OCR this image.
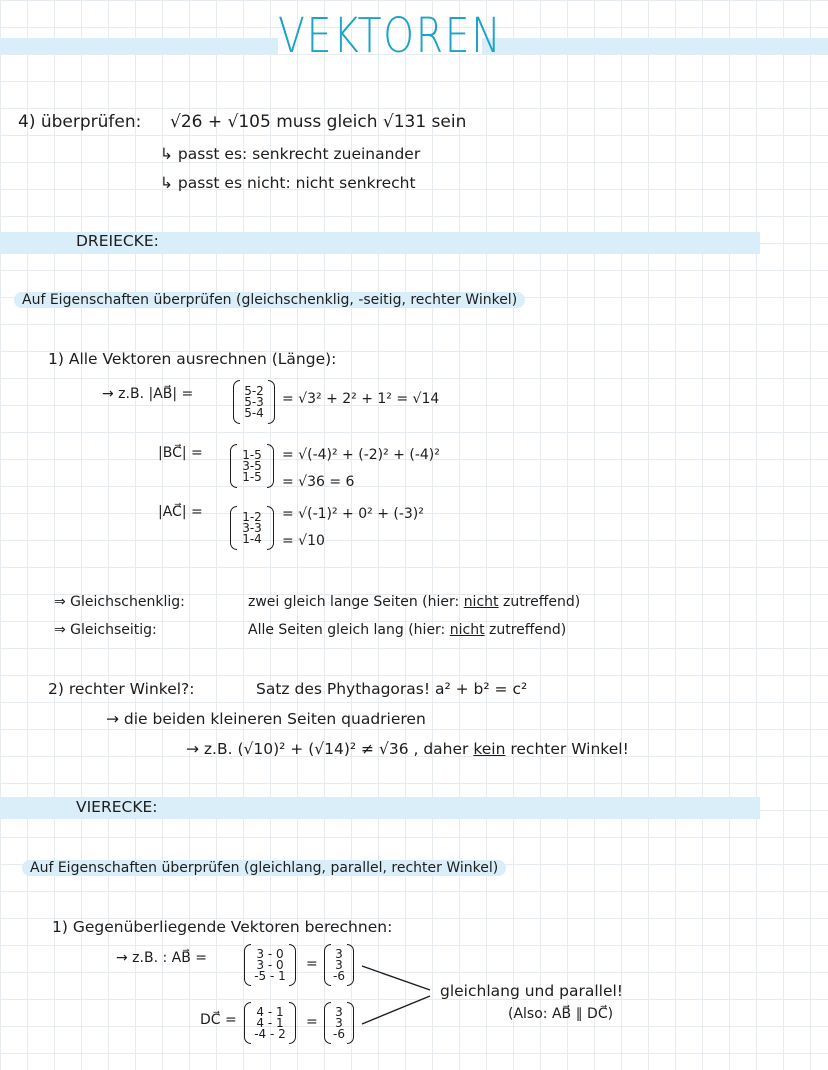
VEKTOREN
4) überprüfen: √26 + √105 muss gleich √131 sein
↳ passt es: senkrecht zueinander
↳ passt es nicht: nicht senkrecht
DREIECKE:
Auf Eigenschaften überprüfen (gleichschenklig, -seitig, rechter Winkel)
1) Alle Vektoren ausrechnen (Länge):
→ z.B. |AB⃗| =	5-2
5-3
5-4
= √3² + 2² + 1² = √14
|BC⃗| =	1-5
3-5
1-5
= √(-4)² + (-2)² + (-4)²
= √36 = 6
|AC⃗| =	1-2
3-3
1-4
= √(-1)² + 0² + (-3)²
= √10
⇒ Gleichschenklig:	zwei gleich lange Seiten (hier: nicht zutreffend)
⇒ Gleichseitig:	Alle Seiten gleich lang (hier: nicht zutreffend)
2) rechter Winkel?:	Satz des Phythagoras! a² + b² = c²
→ die beiden kleineren Seiten quadrieren
→ z.B. (√10)² + (√14)² ≠ √36 , daher kein rechter Winkel!
VIERECKE:
Auf Eigenschaften überprüfen (gleichlang, parallel, rechter Winkel)
1) Gegenüberliegende Vektoren berechnen:
→ z.B. : AB⃗ =	3 - 0
3 - 0
-5 - 1
=
3
3
-6
DC⃗ =
4 - 1
4 - 1
-4 - 2
=
3
3
-6
gleichlang und parallel!
(Also: AB⃗ ∥ DC⃗)
